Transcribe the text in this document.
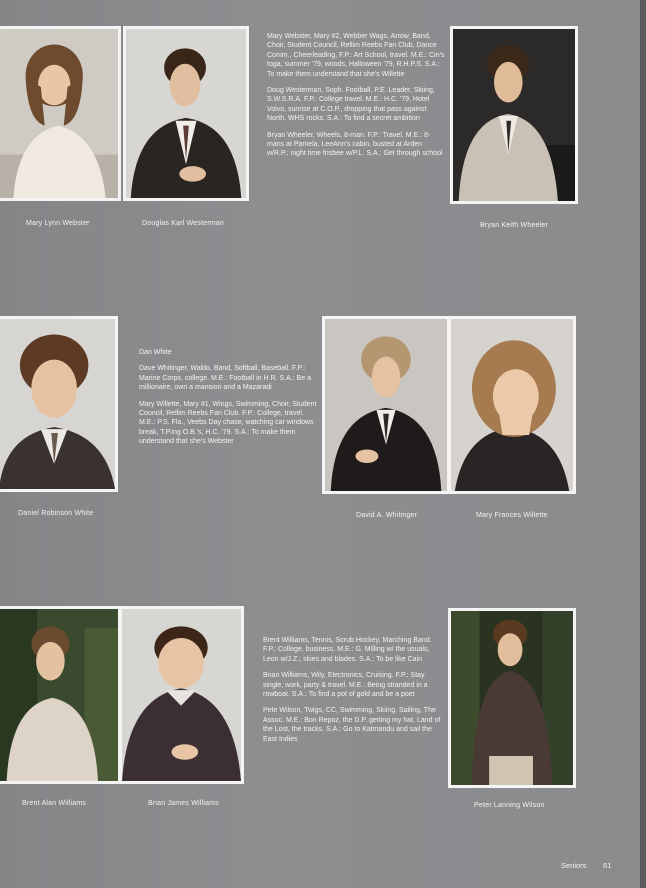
Mary Lynn Webster	Douglas Karl Westerman	Bryan Keith Wheeler

Mary Webster, Mary #2, Webber Wags, Arrow, Band, Choir, Student Council, Rellim Reebs Fan Club, Dance Comm., Cheerleading, F.P.: Art School, travel. M.E.: Cin's toga, summer '79, woods, Halloween '79, R.H.P.S. S.A.: To make them understand that she's Willette

Doug Westerman, Soph. Football, P.E. Leader, Skiing, S.W.S.R.A. F.P.: College travel. M.E.: H.C. '79, Hotel Volvo, sunrise at C.O.P., dropping that pass against North. WHS rocks. S.A.: To find a secret ambition

Bryan Wheeler, Wheels, 8-man. F.P.: Travel. M.E.: 8-mans at Pamela, LeeAnn's cabin, busted at Arden w/R.P.; night time frisbee w/P.L. S.A.: Get through school

Daniel Robinson White

Dan White

Dave Whitinger, Waldo, Band, Softball, Baseball. F.P.: Marine Corps, college. M.E.: Football in H.R. S.A.: Be a millionaire, own a mansion and a Mazaradi

Mary Willette, Mary #1, Wings, Swimming, Choir, Student Council, Rellim Reebs Fan Club. F.P.: College, travel. M.E.: P.S. Fla., Veebs Day chase, watching car windows break, T.P.ing O.B.'s, H.C. '79. S.A.: To make them understand that she's Webster

David A. Whitinger	Mary Frances Willette
Brent Alan Williams	Brian James Williams	Peter Lanning Wilson

Brent Williams, Tennis, Scrub Hockey, Marching Band. F.P.: College, business. M.E.: G. Milling w/ the usuals, Leon w/J.Z.; skies and blades. S.A.: To be like Cain

Brian Williams, Wily, Electronics, Cruising. F.P.: Stay single, work, party & travel. M.E.: Being stranded in a rowboat. S.A.: To find a pot of gold and be a poet

Pete Wilson, Twigs, CC, Swimming, Skiing, Sailing, The Assoc. M.E.: Bon Repoz, the D.P. getting my hat, Land of the Lost, the tracks. S.A.: Go to Katmandu and sail the East Indies

Seniors 61
